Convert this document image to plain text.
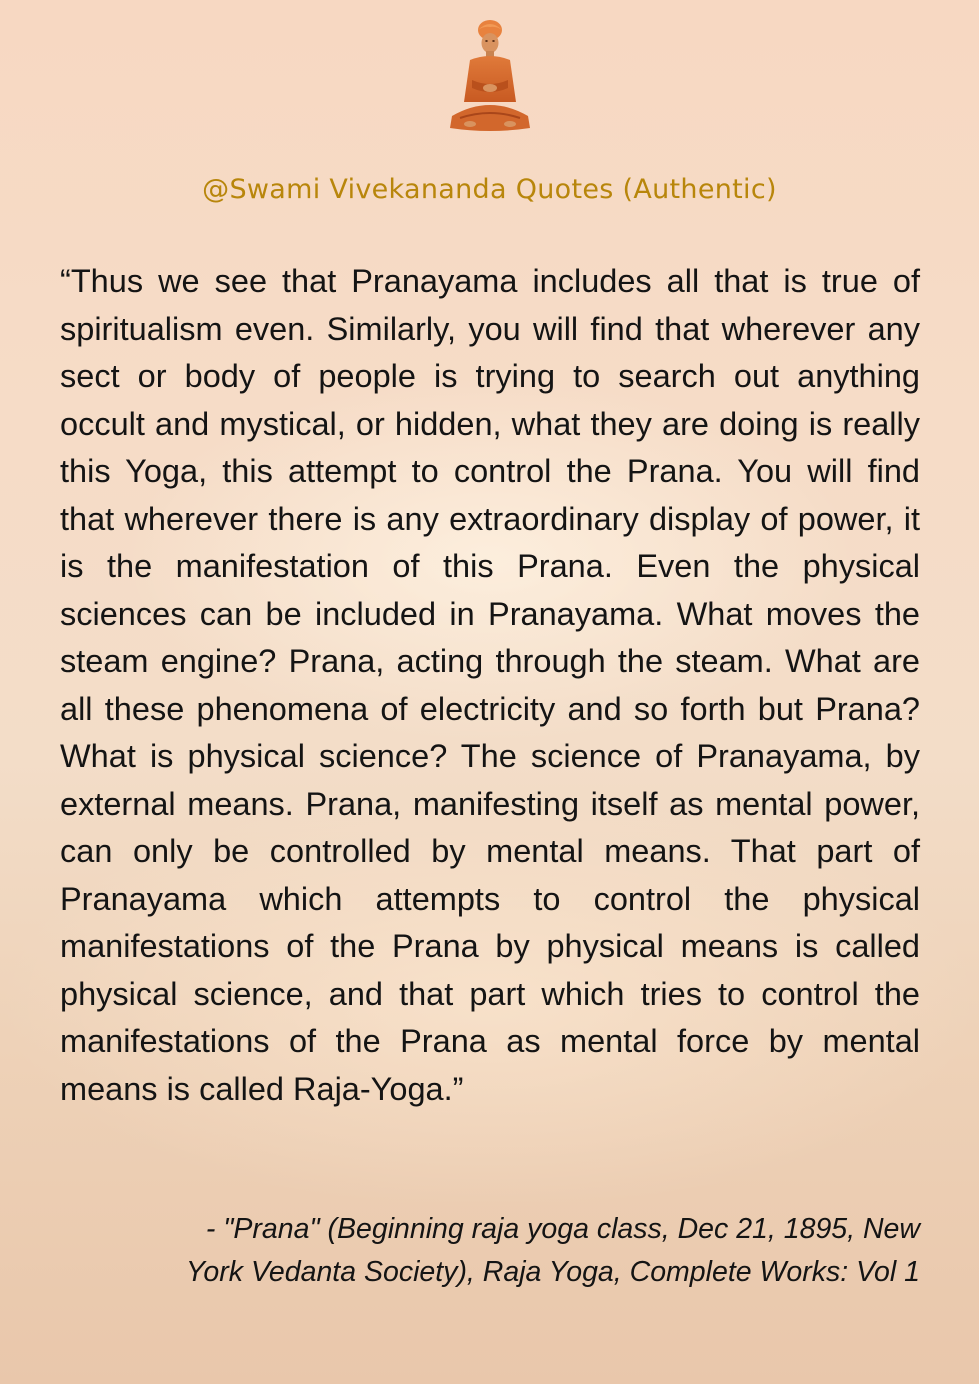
@Swami Vivekananda Quotes (Authentic)

“Thus we see that Pranayama includes all that is true of spiritualism even. Similarly, you will find that wherever any sect or body of people is trying to search out anything occult and mystical, or hidden, what they are doing is really this Yoga, this attempt to control the Prana. You will find that wherever there is any extraordinary display of power, it is the manifestation of this Prana. Even the physical sciences can be included in Pranayama. What moves the steam engine? Prana, acting through the steam. What are all these phenomena of electricity and so forth but Prana? What is physical science? The science of Pranayama, by external means. Prana, manifesting itself as mental power, can only be controlled by mental means. That part of Pranayama which attempts to control the physical manifestations of the Prana by physical means is called physical science, and that part which tries to control the manifestations of the Prana as mental force by mental means is called Raja-Yoga.”

- "Prana" (Beginning raja yoga class, Dec 21, 1895, New
York Vedanta Society), Raja Yoga, Complete Works: Vol 1
